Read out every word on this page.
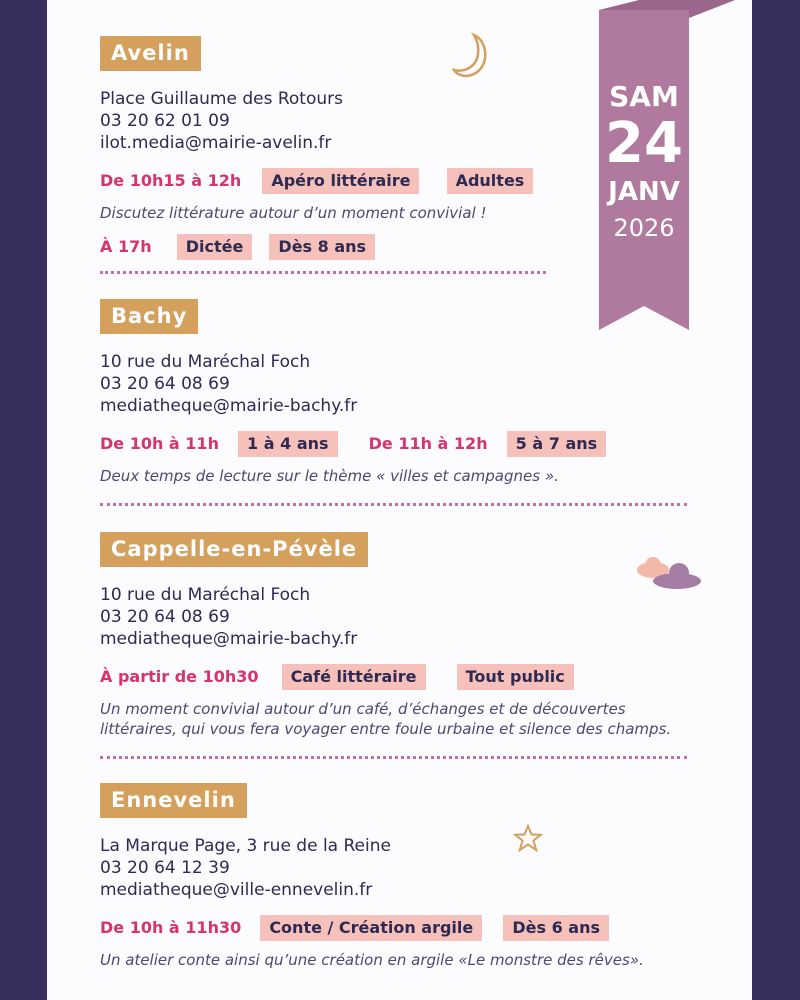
SAM
24
JANV
2026
Avelin
Place Guillaume des Rotours
03 20 62 01 09
ilot.media@mairie-avelin.fr
De 10h15 à 12h Apéro littéraire	Adultes
Discutez littérature autour d’un moment convivial !
À 17h Dictée Dès 8 ans
Bachy
10 rue du Maréchal Foch
03 20 64 08 69
mediatheque@mairie-bachy.fr
De 10h à 11h 1 à 4 ans	De 11h à 12h 5 à 7 ans
Deux temps de lecture sur le thème « villes et campagnes ».
Cappelle-en-Pévèle
10 rue du Maréchal Foch
03 20 64 08 69
mediatheque@mairie-bachy.fr
À partir de 10h30 Café littéraire	Tout public
Un moment convivial autour d’un café, d’échanges et de découvertes
littéraires, qui vous fera voyager entre foule urbaine et silence des champs.
Ennevelin
La Marque Page, 3 rue de la Reine
03 20 64 12 39
mediatheque@ville-ennevelin.fr
De 10h à 11h30 Conte / Création argile Dès 6 ans
Un atelier conte ainsi qu’une création en argile «Le monstre des rêves».
